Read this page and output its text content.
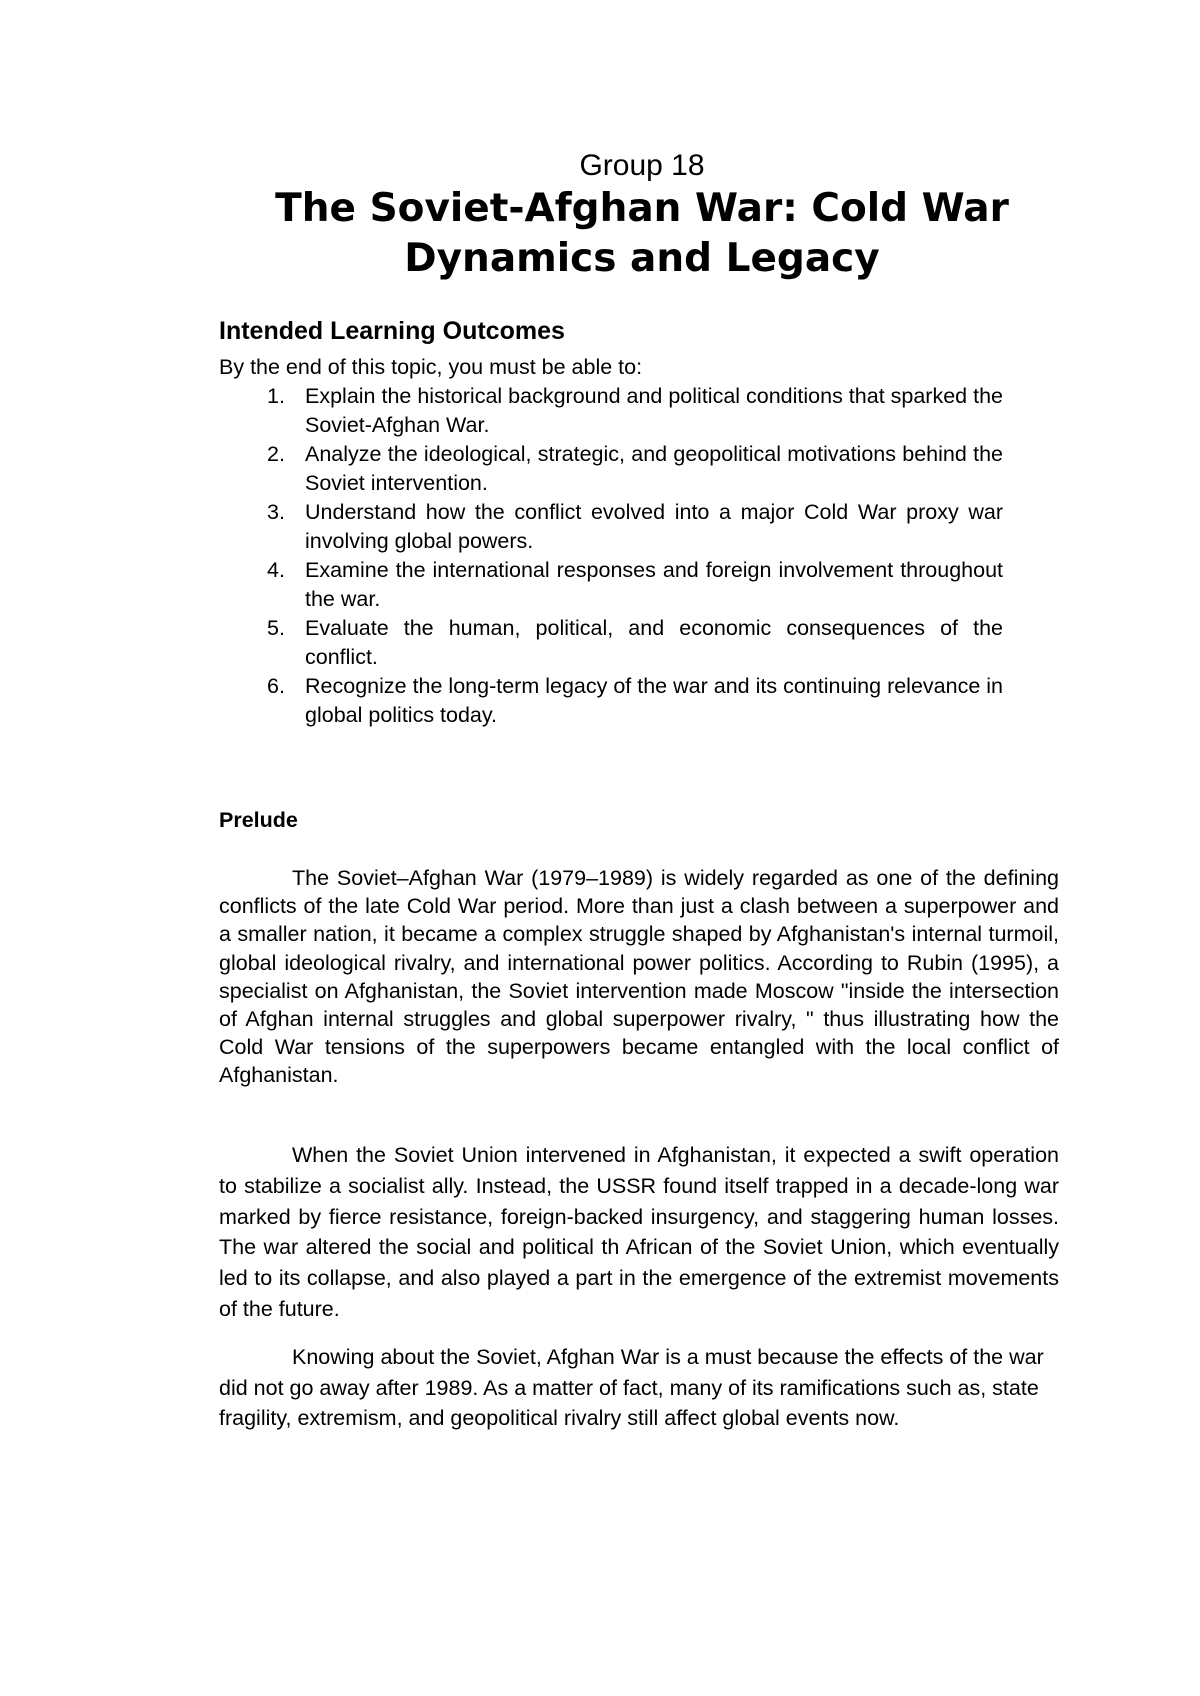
Group 18
The Soviet-Afghan War: Cold War Dynamics and Legacy
Intended Learning Outcomes
By the end of this topic, you must be able to:
1. Explain the historical background and political conditions that sparked the Soviet-Afghan War.
2. Analyze the ideological, strategic, and geopolitical motivations behind the Soviet intervention.
3. Understand how the conflict evolved into a major Cold War proxy war involving global powers.
4. Examine the international responses and foreign involvement throughout the war.
5. Evaluate the human, political, and economic consequences of the conflict.
6. Recognize the long-term legacy of the war and its continuing relevance in global politics today.
Prelude

The Soviet–Afghan War (1979–1989) is widely regarded as one of the defining conflicts of the late Cold War period. More than just a clash between a superpower and a smaller nation, it became a complex struggle shaped by Afghanistan's internal turmoil, global ideological rivalry, and international power politics. According to Rubin (1995), a specialist on Afghanistan, the Soviet intervention made Moscow "inside the intersection of Afghan internal struggles and global superpower rivalry, " thus illustrating how the Cold War tensions of the superpowers became entangled with the local conflict of Afghanistan.

When the Soviet Union intervened in Afghanistan, it expected a swift operation to stabilize a socialist ally. Instead, the USSR found itself trapped in a decade-long war marked by fierce resistance, foreign-backed insurgency, and staggering human losses. The war altered the social and political th African of the Soviet Union, which eventually led to its collapse, and also played a part in the emergence of the extremist movements of the future.

Knowing about the Soviet, Afghan War is a must because the effects of the war did not go away after 1989. As a matter of fact, many of its ramifications such as, state fragility, extremism, and geopolitical rivalry still affect global events now.
